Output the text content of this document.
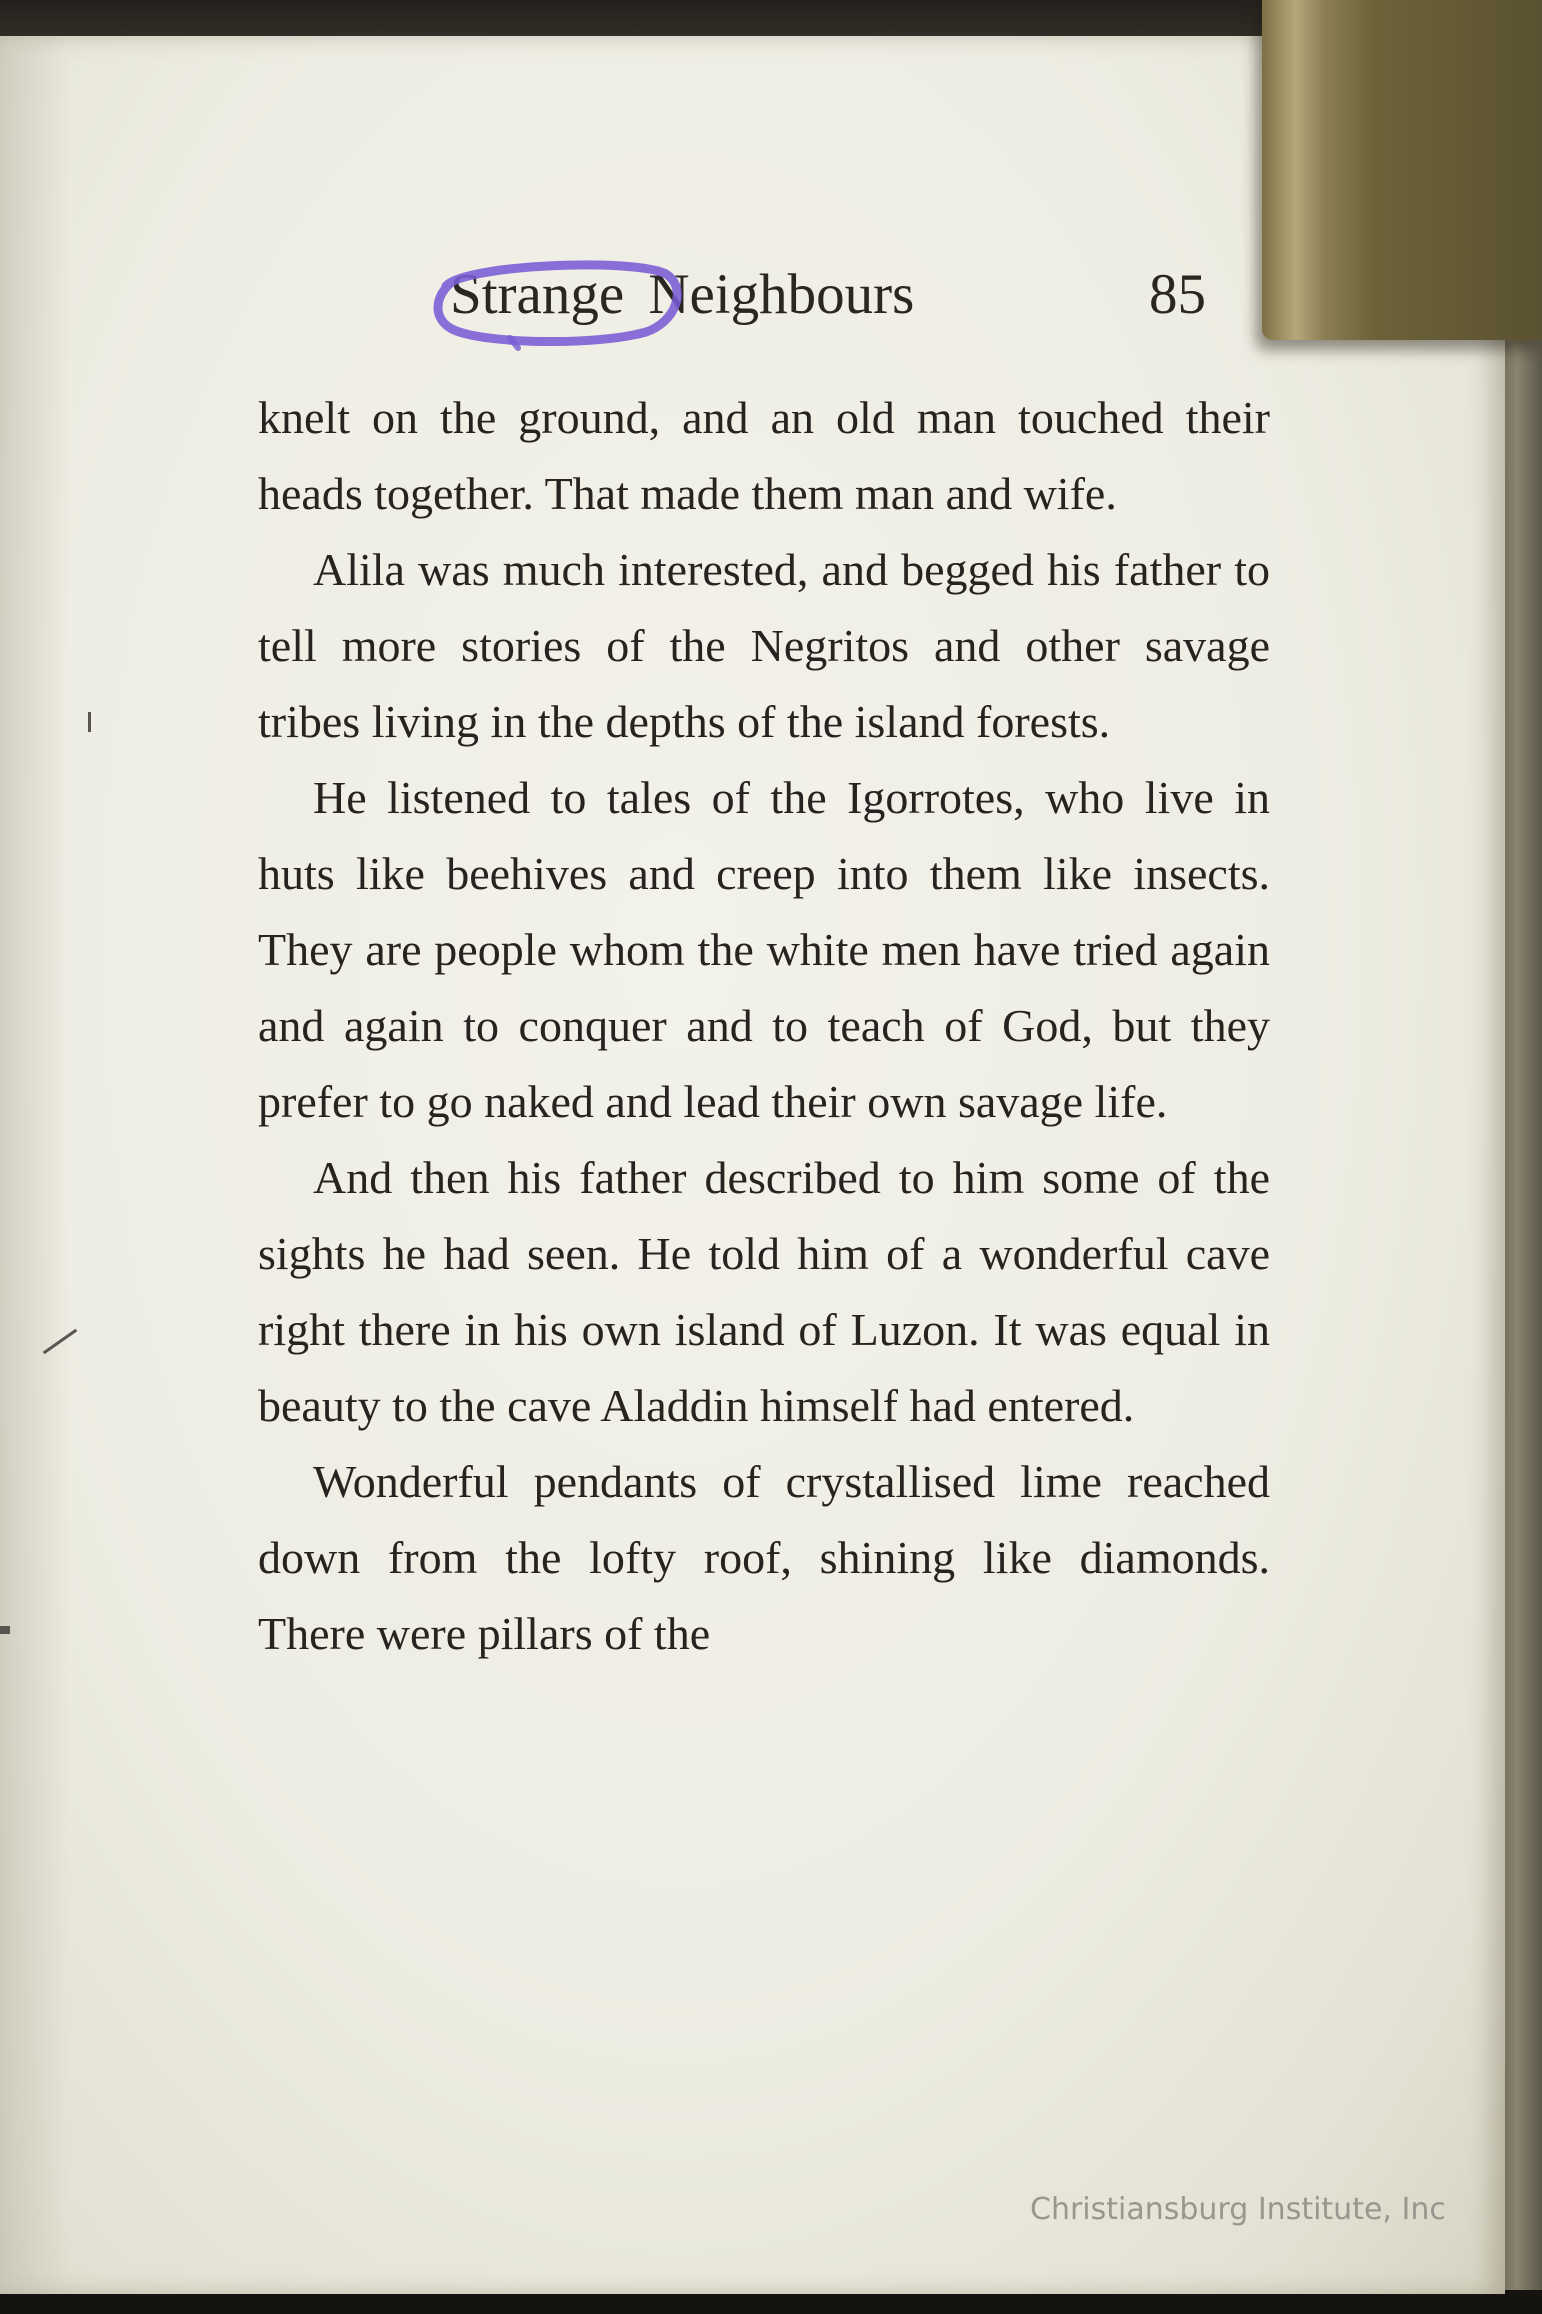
Strange Neighbours	85

knelt on the ground, and an old man touched their heads together. That made them man and wife.

Alila was much interested, and begged his father to tell more stories of the Negritos and other savage tribes living in the depths of the island forests.

He listened to tales of the Igorrotes, who live in huts like beehives and creep into them like insects. They are people whom the white men have tried again and again to conquer and to teach of God, but they prefer to go naked and lead their own savage life.

And then his father described to him some of the sights he had seen. He told him of a wonderful cave right there in his own island of Luzon. It was equal in beauty to the cave Aladdin himself had entered.

Wonderful pendants of crystallised lime reached down from the lofty roof, shining like diamonds. There were pillars of the

Christiansburg Institute, Inc
